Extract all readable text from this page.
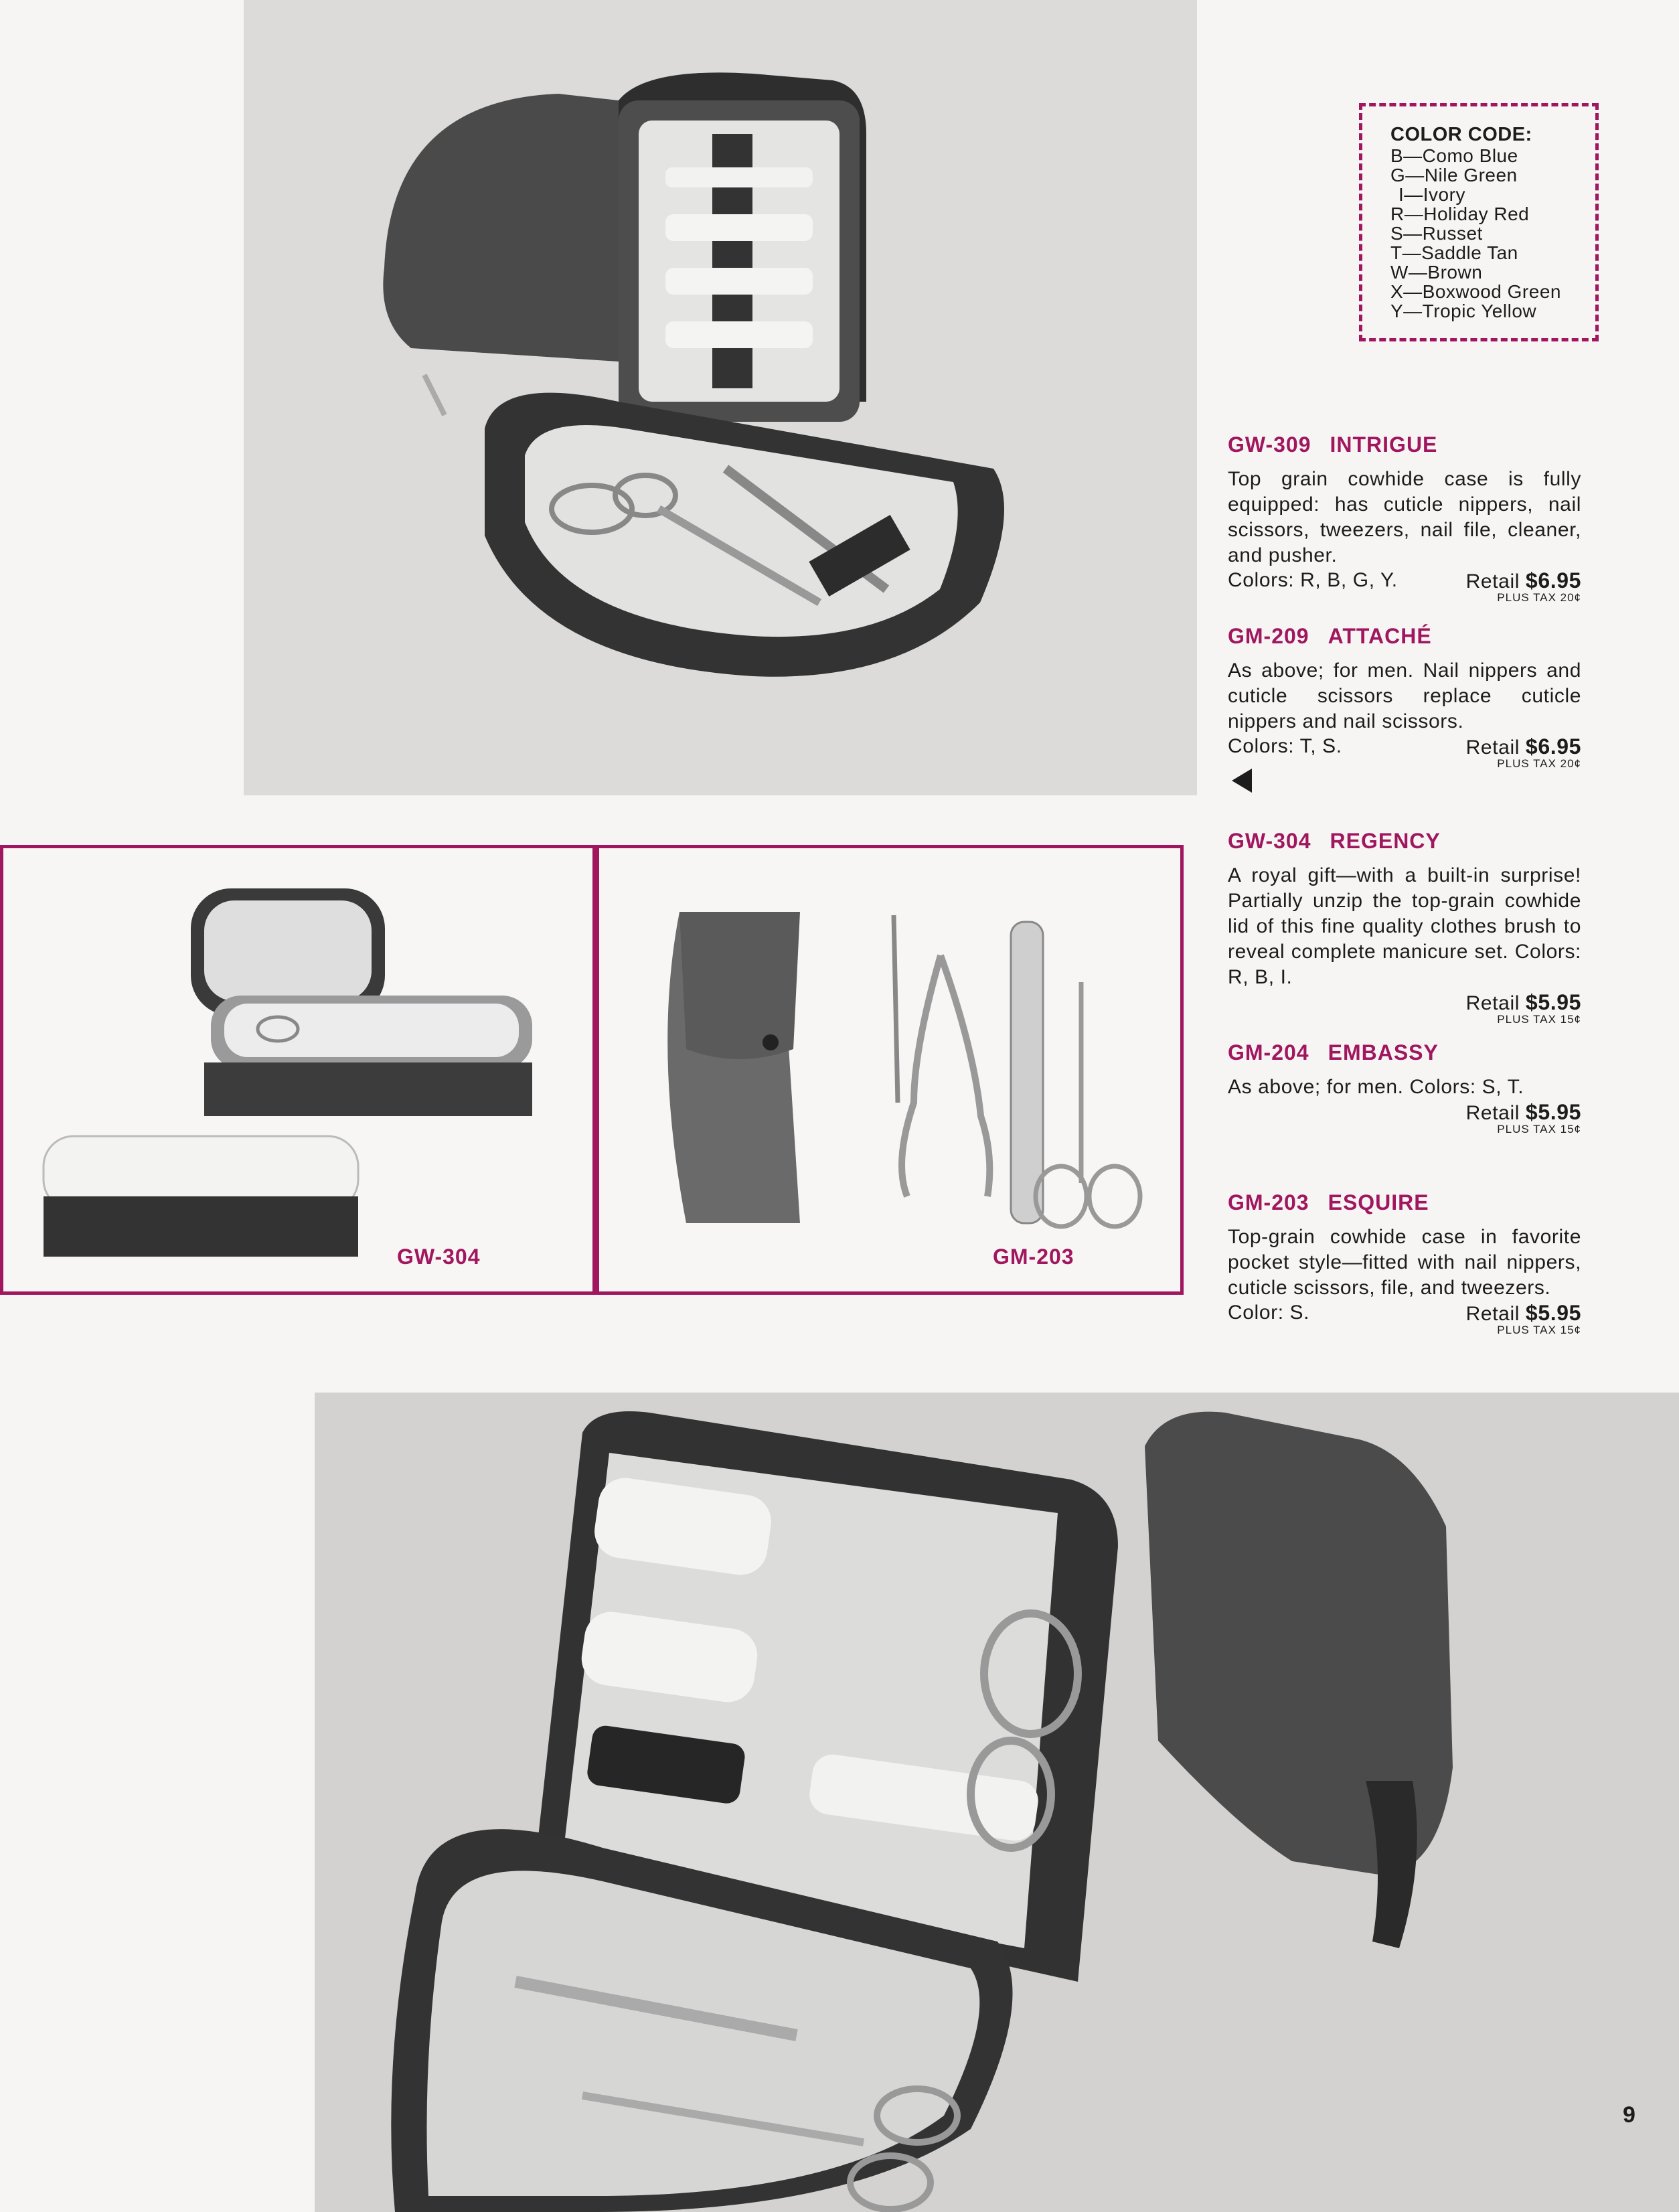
COLOR CODE:
B—Como Blue
G—Nile Green
I—Ivory
R—Holiday Red
S—Russet
T—Saddle Tan
W—Brown
X—Boxwood Green
Y—Tropic Yellow
GW-309 INTRIGUE
Top grain cowhide case is fully equipped: has cuticle nippers, nail scissors, tweezers, nail file, cleaner, and pusher.
Colors: R, B, G, Y.	Retail $6.95
PLUS TAX 20¢
GM-209 ATTACHÉ
As above; for men. Nail nippers and cuticle scissors replace cuticle nippers and nail scissors.
Colors: T, S.	Retail $6.95
PLUS TAX 20¢
GW-304 REGENCY
A royal gift—with a built-in surprise! Partially unzip the top-grain cowhide lid of this fine quality clothes brush to reveal complete manicure set. Colors: R, B, I.
Retail $5.95
PLUS TAX 15¢
GM-204 EMBASSY
As above; for men. Colors: S, T.
Retail $5.95
PLUS TAX 15¢
GM-203 ESQUIRE
Top-grain cowhide case in favorite pocket style—fitted with nail nippers, cuticle scissors, file, and tweezers.
Color: S.	Retail $5.95
PLUS TAX 15¢
GW-304	GM-203
9
